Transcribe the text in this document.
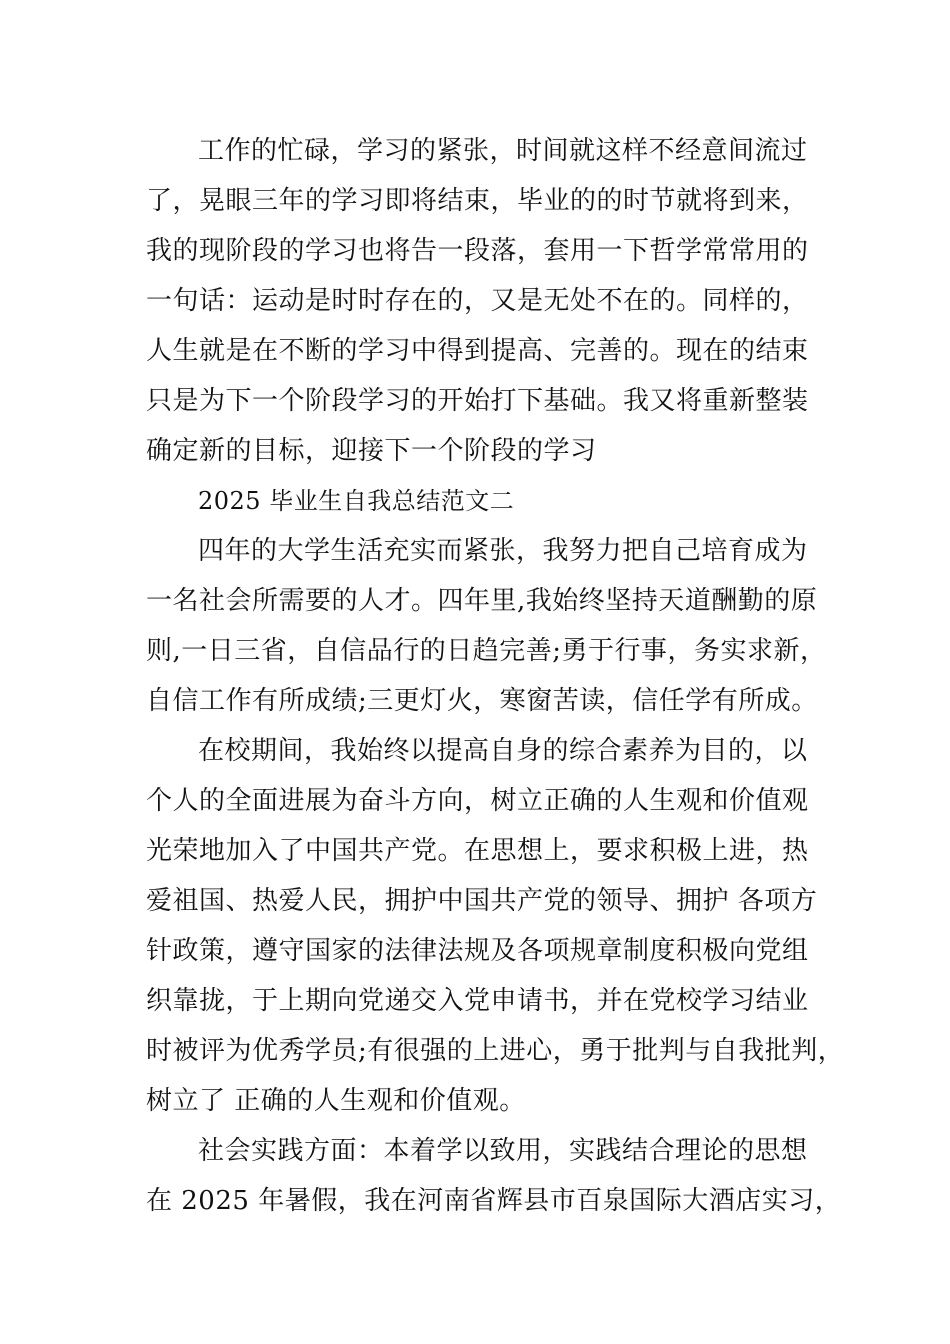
工作的忙碌，学习的紧张，时间就这样不经意间流过
了，晃眼三年的学习即将结束，毕业的的时节就将到来，
我的现阶段的学习也将告一段落，套用一下哲学常常用的
一句话：运动是时时存在的，又是无处不在的。同样的，
人生就是在不断的学习中得到提高、完善的。现在的结束
只是为下一个阶段学习的开始打下基础。我又将重新整装
确定新的目标，迎接下一个阶段的学习
2025 毕业生自我总结范文二
四年的大学生活充实而紧张，我努力把自己培育成为
一名社会所需要的人才。四年里,我始终坚持天道酬勤的原
则,一日三省，自信品行的日趋完善;勇于行事，务实求新，
自信工作有所成绩;三更灯火，寒窗苦读，信任学有所成。
在校期间，我始终以提高自身的综合素养为目的，以
个人的全面进展为奋斗方向，树立正确的人生观和价值观
光荣地加入了中国共产党。在思想上，要求积极上进，热
爱祖国、热爱人民，拥护中国共产党的领导、拥护 各项方
针政策，遵守国家的法律法规及各项规章制度积极向党组
织靠拢，于上期向党递交入党申请书，并在党校学习结业
时被评为优秀学员;有很强的上进心，勇于批判与自我批判，
树立了 正确的人生观和价值观。
社会实践方面：本着学以致用，实践结合理论的思想
在 2025 年暑假，我在河南省辉县市百泉国际大酒店实习，
